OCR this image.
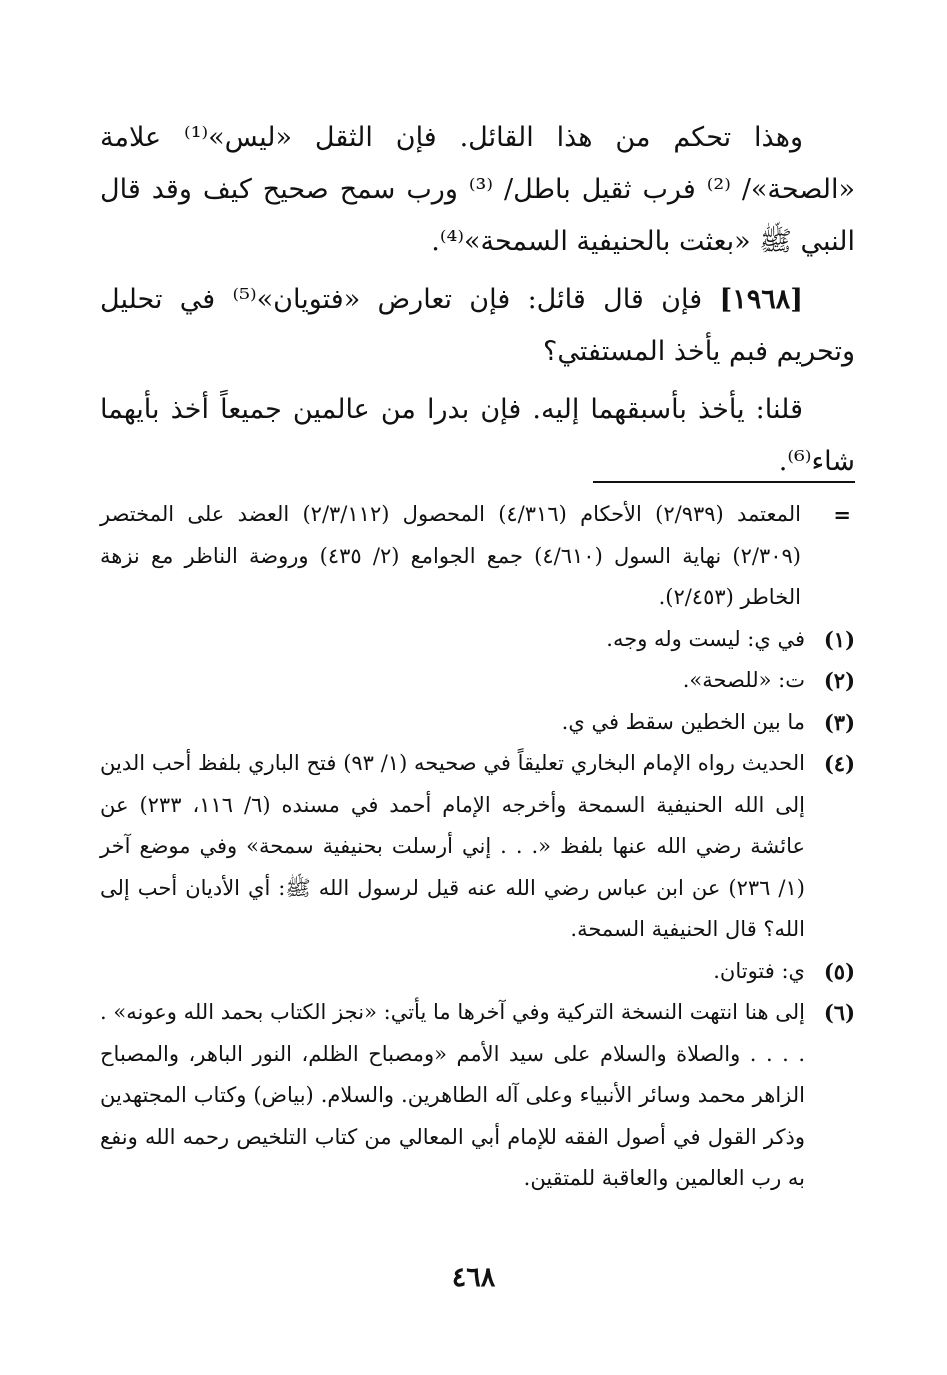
وهذا تحكم من هذا القائل. فإن الثقل «ليس»⁽¹⁾ علامة «الصحة»/ ⁽²⁾ فرب ثقيل باطل/ ⁽³⁾ ورب سمح صحيح كيف وقد قال النبي ﷺ «بعثت بالحنيفية السمحة»⁽⁴⁾.

[١٩٦٨] فإن قال قائل: فإن تعارض «فتويان»⁽⁵⁾ في تحليل وتحريم فبم يأخذ المستفتي؟

قلنا: يأخذ بأسبقهما إليه. فإن بدرا من عالمين جميعاً أخذ بأيهما شاء⁽⁶⁾.

=
المعتمد (٢/٩٣٩) الأحكام (٤/٣١٦) المحصول (٢/٣/١١٢) العضد على المختصر (٢/٣٠٩) نهاية السول (٤/٦١٠) جمع الجوامع (٢/ ٤٣٥) وروضة الناظر مع نزهة الخاطر (٢/٤٥٣).
(١)
في ي: ليست وله وجه.
(٢)
ت: «للصحة».
(٣)
ما بين الخطين سقط في ي.
(٤)
الحديث رواه الإمام البخاري تعليقاً في صحيحه (١/ ٩٣) فتح الباري بلفظ أحب الدين إلى الله الحنيفية السمحة وأخرجه الإمام أحمد في مسنده (٦/ ١١٦، ٢٣٣) عن عائشة رضي الله عنها بلفظ «. . . إني أرسلت بحنيفية سمحة» وفي موضع آخر (١/ ٢٣٦) عن ابن عباس رضي الله عنه قيل لرسول الله ﷺ: أي الأديان أحب إلى الله؟ قال الحنيفية السمحة.
(٥)
ي: فتوتان.
(٦)
إلى هنا انتهت النسخة التركية وفي آخرها ما يأتي: «نجز الكتاب بحمد الله وعونه» . . . . . والصلاة والسلام على سيد الأمم «ومصباح الظلم، النور الباهر، والمصباح الزاهر محمد وسائر الأنبياء وعلى آله الطاهرين. والسلام. (بياض) وكتاب المجتهدين وذكر القول في أصول الفقه للإمام أبي المعالي من كتاب التلخيص رحمه الله ونفع به رب العالمين والعاقبة للمتقين.
٤٦٨
